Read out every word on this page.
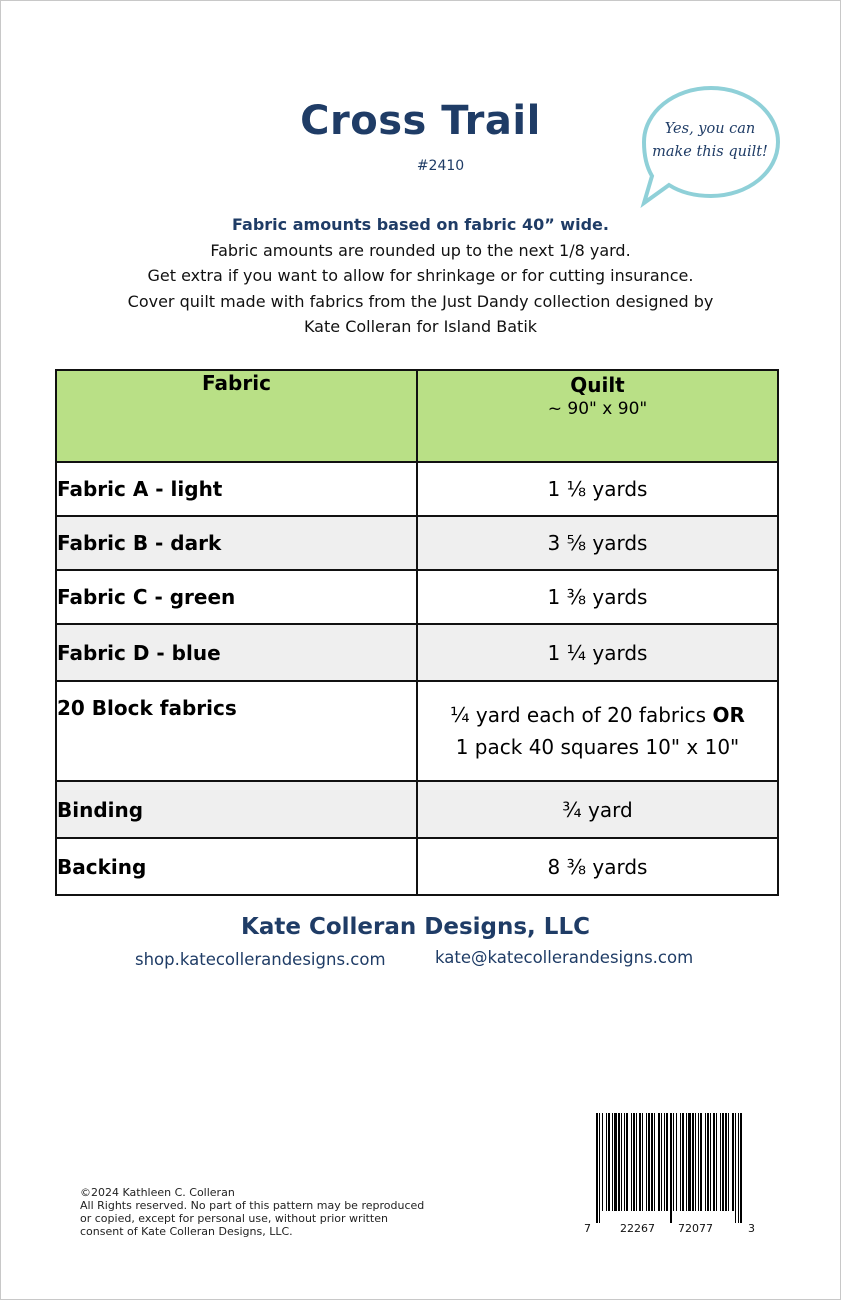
Cross Trail
#2410
Yes, you can
make this quilt!
Fabric amounts based on fabric 40” wide.
Fabric amounts are rounded up to the next 1/8 yard.
Get extra if you want to allow for shrinkage or for cutting insurance.
Cover quilt made with fabrics from the Just Dandy collection designed by
Kate Colleran for Island Batik
Fabric	Quilt
~ 90" x 90"

Fabric A - light	1 ⅛ yards
Fabric B - dark	3 ⅝ yards
Fabric C - green	1 ⅜ yards
Fabric D - blue	1 ¼ yards
20 Block fabrics	¼ yard each of 20 fabrics OR
1 pack 40 squares 10" x 10"

Binding	¾ yard
Backing	8 ⅜ yards
Kate Colleran Designs, LLC
shop.katecollerandesigns.com	kate@katecollerandesigns.com
©2024 Kathleen C. Colleran
All Rights reserved. No part of this pattern may be reproduced
or copied, except for personal use, without prior written
consent of Kate Colleran Designs, LLC.	7	22267 72077	3
